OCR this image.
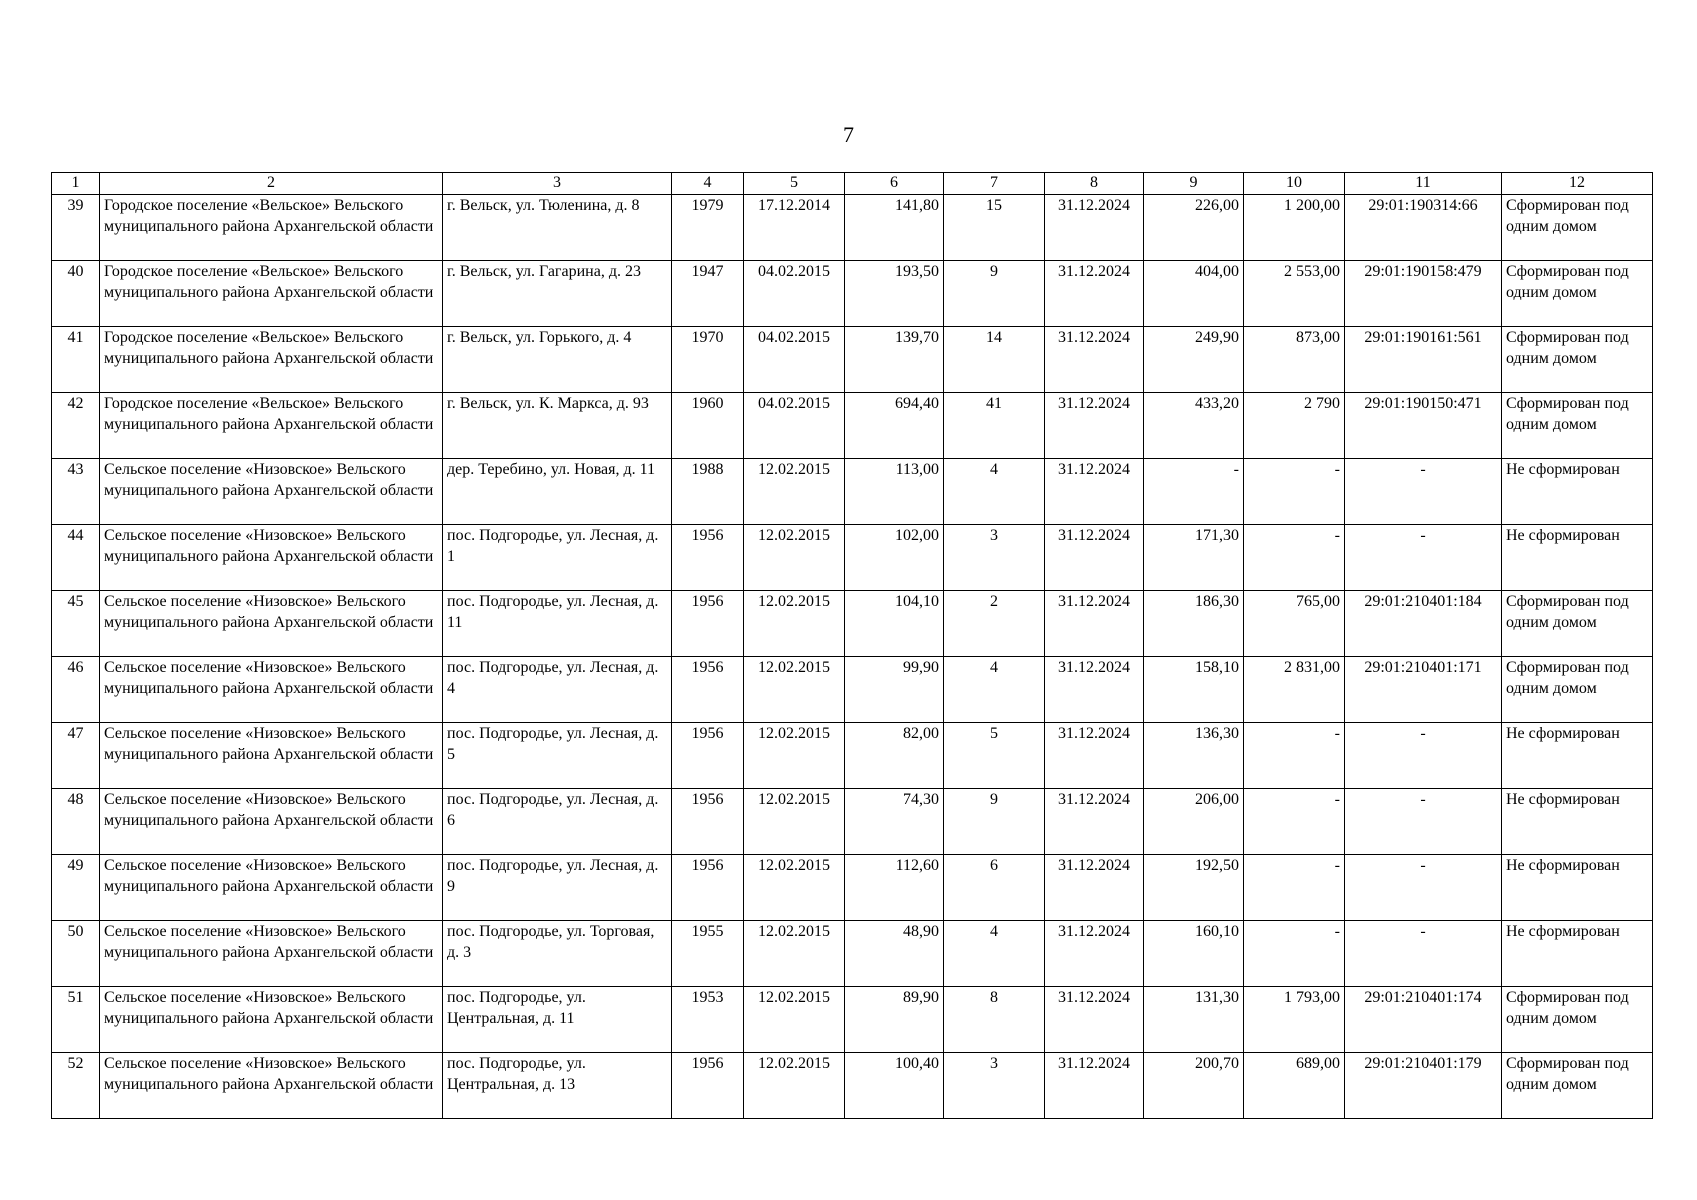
7
1	2	3	4	5	6	7	8	9	10	11	12
39	Городское поселение «Вельское» Вельского муниципального района Архангельской области	г. Вельск, ул. Тюленина, д. 8	1979	17.12.2014	141,80	15	31.12.2024	226,00	1 200,00	29:01:190314:66	Сформирован под одним домом
40	Городское поселение «Вельское» Вельского муниципального района Архангельской области	г. Вельск, ул. Гагарина, д. 23	1947	04.02.2015	193,50	9	31.12.2024	404,00	2 553,00	29:01:190158:479	Сформирован под одним домом
41	Городское поселение «Вельское» Вельского муниципального района Архангельской области	г. Вельск, ул. Горького, д. 4	1970	04.02.2015	139,70	14	31.12.2024	249,90	873,00	29:01:190161:561	Сформирован под одним домом
42	Городское поселение «Вельское» Вельского муниципального района Архангельской области	г. Вельск, ул. К. Маркса, д. 93	1960	04.02.2015	694,40	41	31.12.2024	433,20	2 790	29:01:190150:471	Сформирован под одним домом
43	Сельское поселение «Низовское» Вельского муниципального района Архангельской области	дер. Теребино, ул. Новая, д. 11	1988	12.02.2015	113,00	4	31.12.2024	-	-	-	Не сформирован
44	Сельское поселение «Низовское» Вельского муниципального района Архангельской области	пос. Подгородье, ул. Лесная, д. 1	1956	12.02.2015	102,00	3	31.12.2024	171,30	-	-	Не сформирован
45	Сельское поселение «Низовское» Вельского муниципального района Архангельской области	пос. Подгородье, ул. Лесная, д. 11	1956	12.02.2015	104,10	2	31.12.2024	186,30	765,00	29:01:210401:184	Сформирован под одним домом
46	Сельское поселение «Низовское» Вельского муниципального района Архангельской области	пос. Подгородье, ул. Лесная, д. 4	1956	12.02.2015	99,90	4	31.12.2024	158,10	2 831,00	29:01:210401:171	Сформирован под одним домом
47	Сельское поселение «Низовское» Вельского муниципального района Архангельской области	пос. Подгородье, ул. Лесная, д. 5	1956	12.02.2015	82,00	5	31.12.2024	136,30	-	-	Не сформирован
48	Сельское поселение «Низовское» Вельского муниципального района Архангельской области	пос. Подгородье, ул. Лесная, д. 6	1956	12.02.2015	74,30	9	31.12.2024	206,00	-	-	Не сформирован
49	Сельское поселение «Низовское» Вельского муниципального района Архангельской области	пос. Подгородье, ул. Лесная, д. 9	1956	12.02.2015	112,60	6	31.12.2024	192,50	-	-	Не сформирован
50	Сельское поселение «Низовское» Вельского муниципального района Архангельской области	пос. Подгородье, ул. Торговая, д. 3	1955	12.02.2015	48,90	4	31.12.2024	160,10	-	-	Не сформирован
51	Сельское поселение «Низовское» Вельского муниципального района Архангельской области	пос. Подгородье, ул. Центральная, д. 11	1953	12.02.2015	89,90	8	31.12.2024	131,30	1 793,00	29:01:210401:174	Сформирован под одним домом
52	Сельское поселение «Низовское» Вельского муниципального района Архангельской области	пос. Подгородье, ул. Центральная, д. 13	1956	12.02.2015	100,40	3	31.12.2024	200,70	689,00	29:01:210401:179	Сформирован под одним домом
